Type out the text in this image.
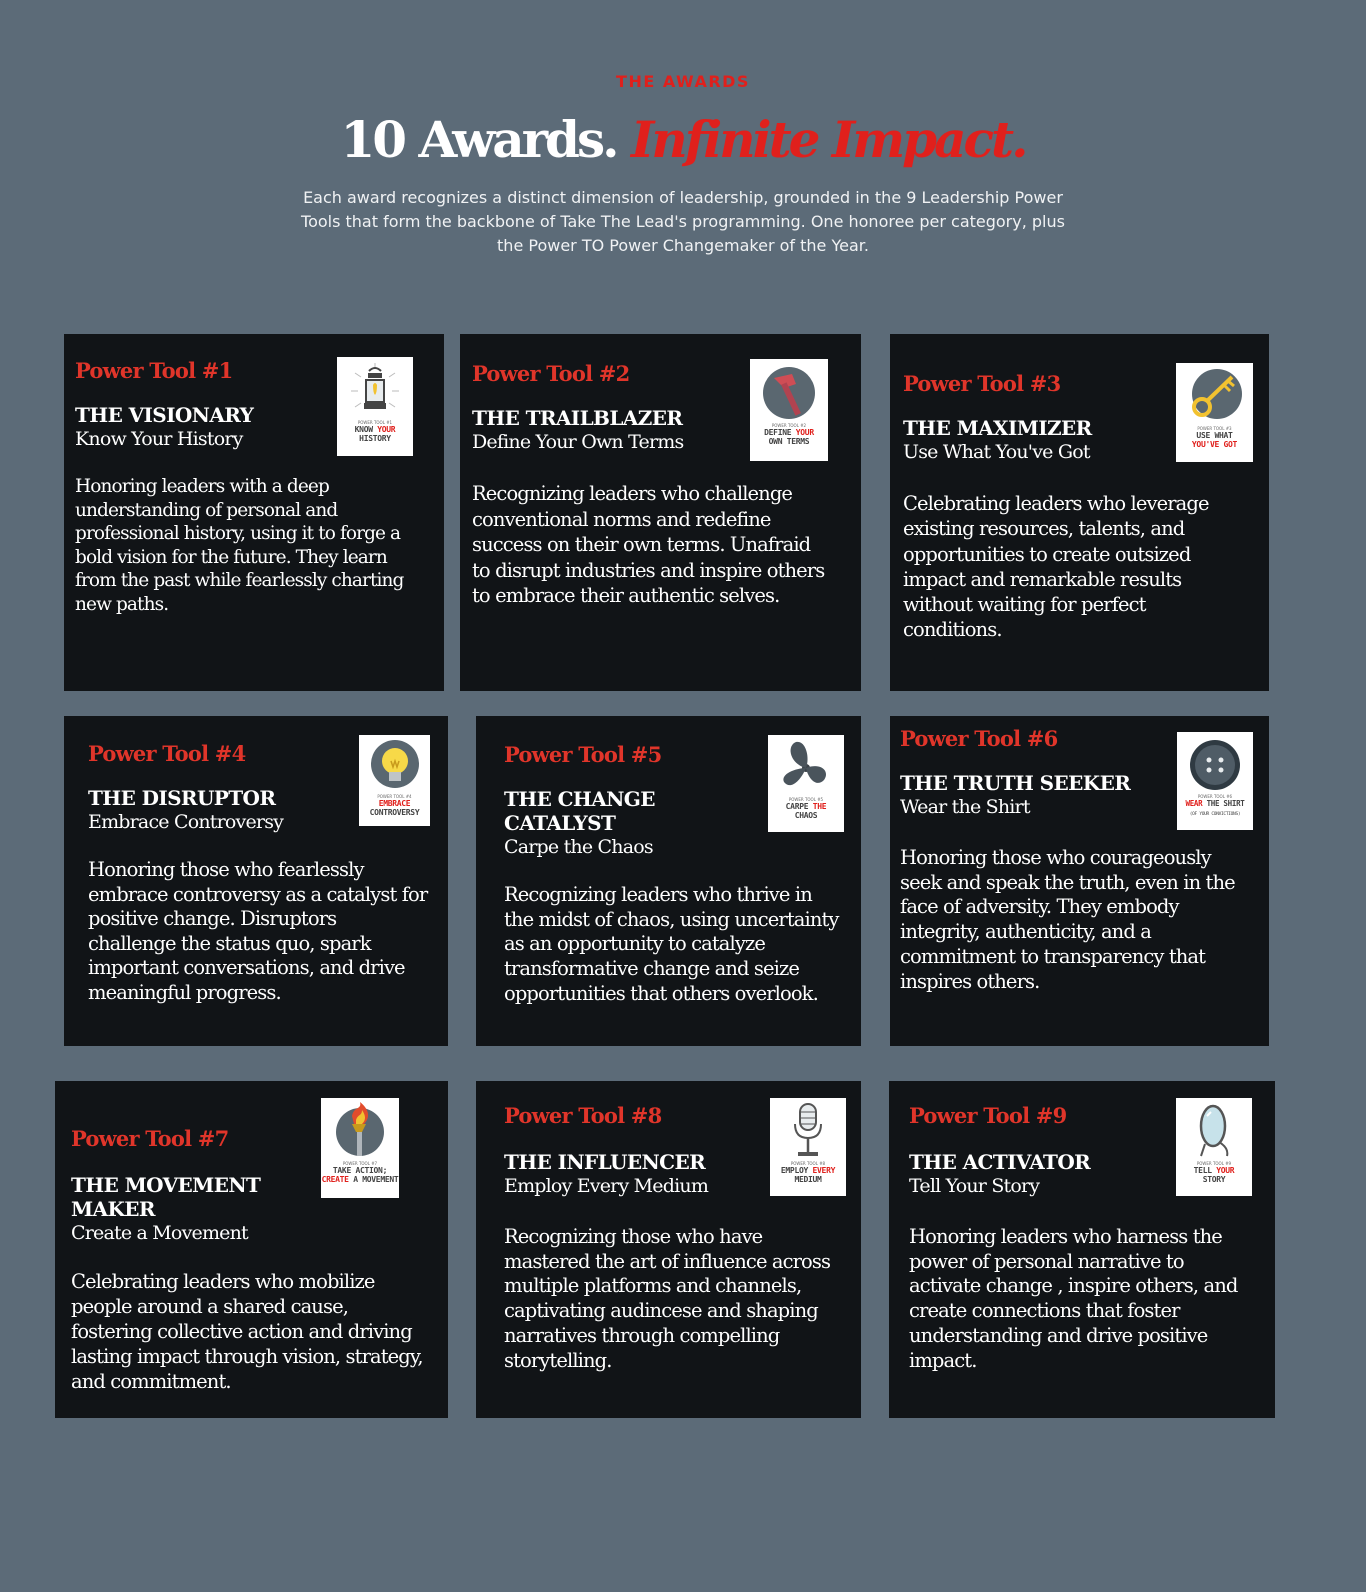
THE AWARDS
10 Awards. Infinite Impact.
Each award recognizes a distinct dimension of leadership, grounded in the 9 Leadership Power Tools that form the backbone of Take The Lead's programming. One honoree per category, plus the Power TO Power Changemaker of the Year.

Power Tool #1

THE VISIONARY

Know Your History

Honoring leaders with a deep understanding of personal and professional history, using it to forge a bold vision for the future. They learn from the past while fearlessly charting new paths.

POWER TOOL #1
KNOW YOUR
HISTORY

Power Tool #2

THE TRAILBLAZER

Define Your Own Terms

Recognizing leaders who challenge conventional norms and redefine success on their own terms. Unafraid to disrupt industries and inspire others to embrace their authentic selves.

POWER TOOL #2
DEFINE YOUR
OWN TERMS

Power Tool #3

THE MAXIMIZER

Use What You've Got

Celebrating leaders who leverage existing resources, talents, and opportunities to create outsized impact and remarkable results without waiting for perfect conditions.

POWER TOOL #3
USE WHAT
YOU'VE GOT

Power Tool #4

THE DISRUPTOR

Embrace Controversy

Honoring those who fearlessly embrace controversy as a catalyst for positive change. Disruptors challenge the status quo, spark important conversations, and drive meaningful progress.

POWER TOOL #4
EMBRACE
CONTROVERSY

Power Tool #5

THE CHANGE CATALYST

Carpe the Chaos

Recognizing leaders who thrive in the midst of chaos, using uncertainty as an opportunity to catalyze transformative change and seize opportunities that others overlook.

POWER TOOL #5
CARPE THE
CHAOS

Power Tool #6

THE TRUTH SEEKER

Wear the Shirt

Honoring those who courageously seek and speak the truth, even in the face of adversity. They embody integrity, authenticity, and a commitment to transparency that inspires others.

POWER TOOL #6
WEAR THE SHIRT
(OF YOUR CONVICTIONS)

Power Tool #7

THE MOVEMENT MAKER

Create a Movement

Celebrating leaders who mobilize people around a shared cause, fostering collective action and driving lasting impact through vision, strategy, and commitment.

POWER TOOL #7
TAKE ACTION;
CREATE A MOVEMENT

Power Tool #8

THE INFLUENCER

Employ Every Medium

Recognizing those who have mastered the art of influence across multiple platforms and channels, captivating audincese and shaping narratives through compelling storytelling.

POWER TOOL #8
EMPLOY EVERY
MEDIUM

Power Tool #9

THE ACTIVATOR

Tell Your Story

Honoring leaders who harness the power of personal narrative to activate change , inspire others, and create connections that foster understanding and drive positive impact.

POWER TOOL #9
TELL YOUR
STORY
